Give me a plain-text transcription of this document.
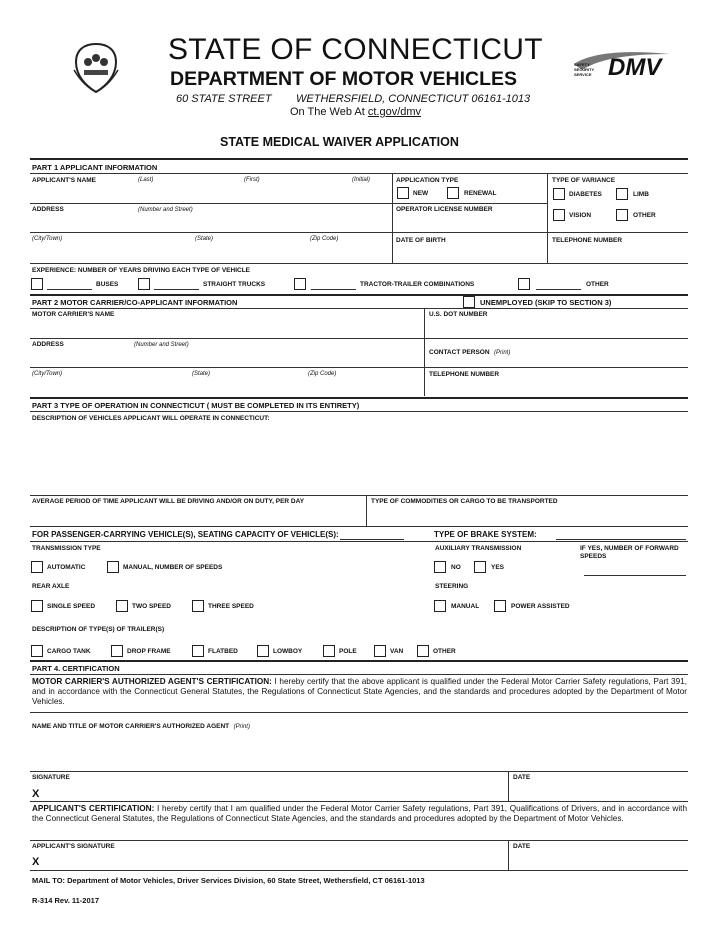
STATE OF CONNECTICUT
DEPARTMENT OF MOTOR VEHICLES
60 STATE STREET WETHERSFIELD, CONNECTICUT 06161-1013
On The Web At ct.gov/dmv
DMV
SAFETY SECURITY SERVICE
STATE MEDICAL WAIVER APPLICATION
PART 1 APPLICANT INFORMATION
APPLICANT'S NAME	(Last)	(First)	(Initial)	APPLICATION TYPE
NEW	RENEWAL
TYPE OF VARIANCE
DIABETES	LIMB
VISION	OTHER
ADDRESS	(Number and Street)	OPERATOR LICENSE NUMBER
(City/Town)	(State)	(Zip Code)	DATE OF BIRTH	TELEPHONE NUMBER
EXPERIENCE: NUMBER OF YEARS DRIVING EACH TYPE OF VEHICLE
BUSES	STRAIGHT TRUCKS	TRACTOR-TRAILER COMBINATIONS	OTHER
PART 2 MOTOR CARRIER/CO-APPLICANT INFORMATION	UNEMPLOYED (SKIP TO SECTION 3)
MOTOR CARRIER'S NAME	U.S. DOT NUMBER
ADDRESS	(Number and Street)
CONTACT PERSON (Print)
(City/Town)	(State)	(Zip Code)	TELEPHONE NUMBER
PART 3 TYPE OF OPERATION IN CONNECTICUT ( MUST BE COMPLETED IN ITS ENTIRETY)
DESCRIPTION OF VEHICLES APPLICANT WILL OPERATE IN CONNECTICUT:
AVERAGE PERIOD OF TIME APPLICANT WILL BE DRIVING AND/OR ON DUTY, PER DAY	TYPE OF COMMODITIES OR CARGO TO BE TRANSPORTED
FOR PASSENGER-CARRYING VEHICLE(S), SEATING CAPACITY OF VEHICLE(S):	TYPE OF BRAKE SYSTEM:
TRANSMISSION TYPE
AUTOMATIC	MANUAL, NUMBER OF SPEEDS
AUXILIARY TRANSMISSION
NO	YES
IF YES, NUMBER OF FORWARD SPEEDS
REAR AXLE
SINGLE SPEED	TWO SPEED	THREE SPEED
STEERING
MANUAL	POWER ASSISTED
DESCRIPTION OF TYPE(S) OF TRAILER(S)
CARGO TANK	DROP FRAME	FLATBED	LOWBOY	POLE	VAN	OTHER
PART 4. CERTIFICATION
MOTOR CARRIER'S AUTHORIZED AGENT'S CERTIFICATION: I hereby certify that the above applicant is qualified under the Federal Motor Carrier Safety regulations, Part 391, and in accordance with the Connecticut General Statutes, the Regulations of Connecticut State Agencies, and the standards and procedures adopted by the Department of Motor Vehicles.
NAME AND TITLE OF MOTOR CARRIER'S AUTHORIZED AGENT (Print)
SIGNATURE
X
DATE
APPLICANT'S CERTIFICATION: I hereby certify that I am qualified under the Federal Motor Carrier Safety regulations, Part 391, Qualifications of Drivers, and in accordance with the Connecticut General Statutes, the Regulations of Connecticut State Agencies, and the standards and procedures adopted by the Department of Motor Vehicles.
APPLICANT'S SIGNATURE
X
DATE
MAIL TO: Department of Motor Vehicles, Driver Services Division, 60 State Street, Wethersfield, CT 06161-1013
R-314 Rev. 11-2017
